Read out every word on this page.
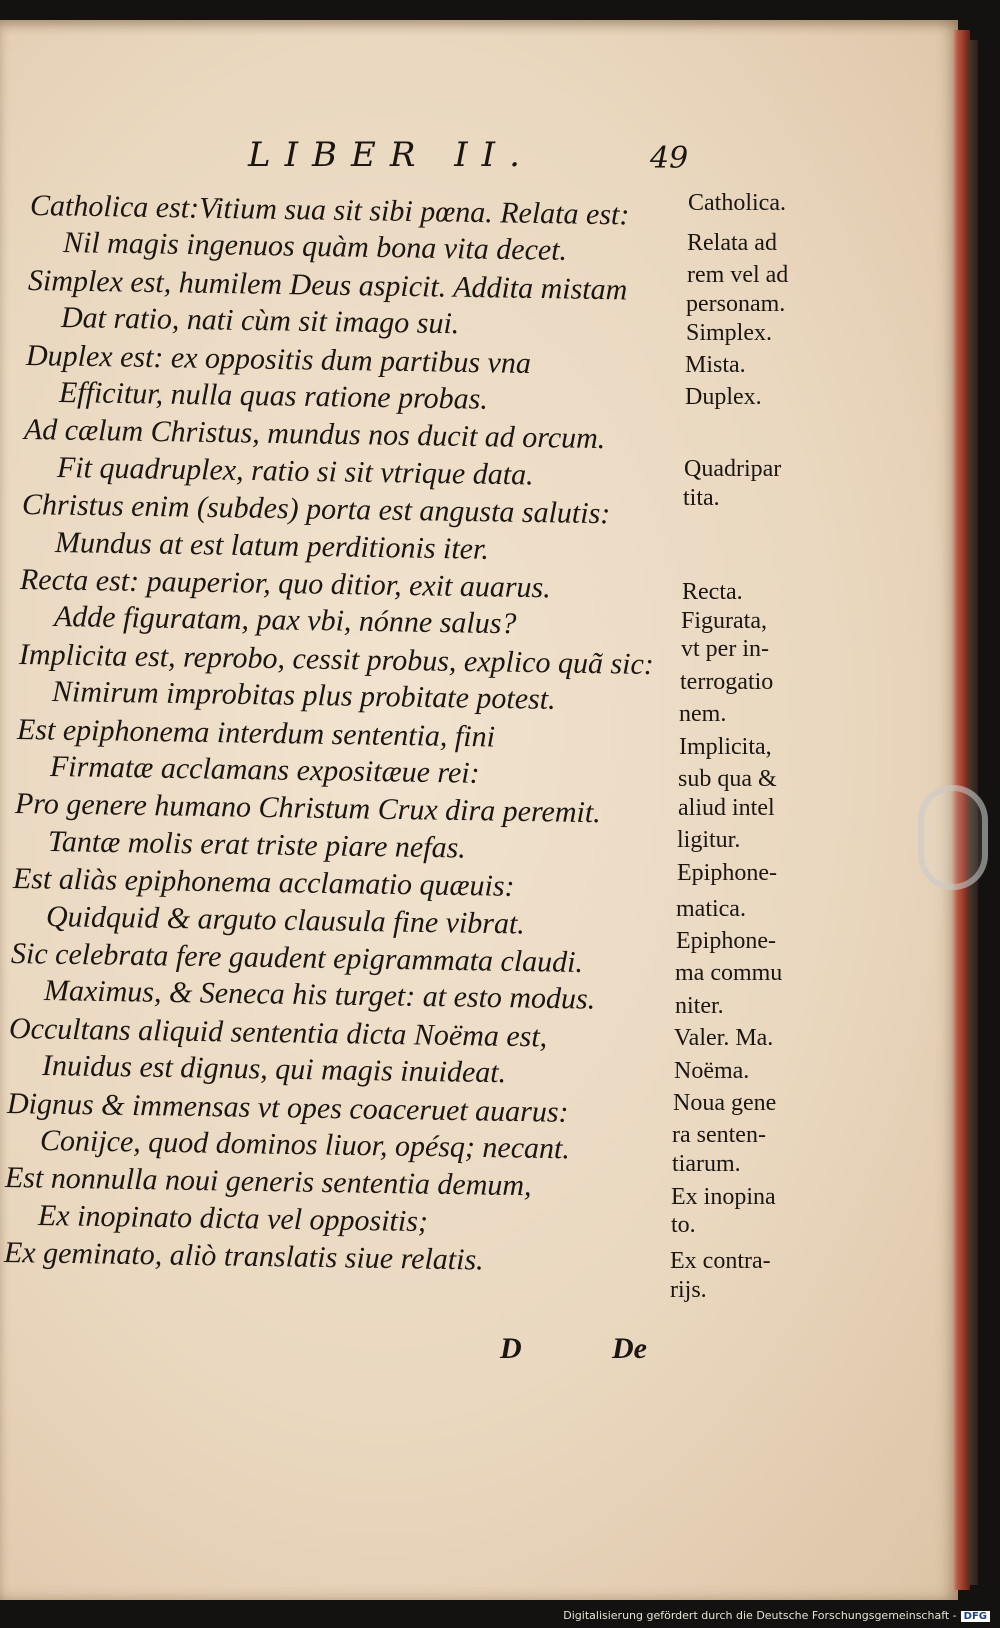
LIBER II.	49
Catholica est:Vitium sua sit sibi pœna. Relata est:
Nil magis ingenuos quàm bona vita decet.
Simplex est, humilem Deus aspicit. Addita mistam
Dat ratio, nati cùm sit imago sui.
Duplex est: ex oppositis dum partibus vna
Efficitur, nulla quas ratione probas.
Ad cælum Christus, mundus nos ducit ad orcum.
Fit quadruplex, ratio si sit vtrique data.
Christus enim (subdes) porta est angusta salutis:
Mundus at est latum perditionis iter.
Recta est: pauperior, quo ditior, exit auarus.
Adde figuratam, pax vbi, nónne salus?
Implicita est, reprobo, cessit probus, explico quã sic:
Nimirum improbitas plus probitate potest.
Est epiphonema interdum sententia, fini
Firmatæ acclamans expositæue rei:
Pro genere humano Christum Crux dira peremit.
Tantæ molis erat triste piare nefas.
Est aliàs epiphonema acclamatio quæuis:
Quidquid & arguto clausula fine vibrat.
Sic celebrata fere gaudent epigrammata claudi.
Maximus, & Seneca his turget: at esto modus.
Occultans aliquid sententia dicta Noëma est,
Inuidus est dignus, qui magis inuideat.
Dignus & immensas vt opes coaceruet auarus:
Conijce, quod dominos liuor, opésq; necant.
Est nonnulla noui generis sententia demum,
Ex inopinato dicta vel oppositis;
Ex geminato, aliò translatis siue relatis.
Catholica.
Relata ad
rem vel ad
personam.
Simplex.
Mista.
Duplex.
Quadripar
tita.
Recta.
Figurata,
vt per in-
terrogatio
nem.
Implicita,
sub qua &
aliud intel
ligitur.
Epiphone-
matica.
Epiphone-
ma commu
niter.
Valer. Ma.
Noëma.
Noua gene
ra senten-
tiarum.
Ex inopina
to.
Ex contra-
rijs.
D	De
Digitalisierung gefördert durch die Deutsche Forschungsgemeinschaft - DFG
